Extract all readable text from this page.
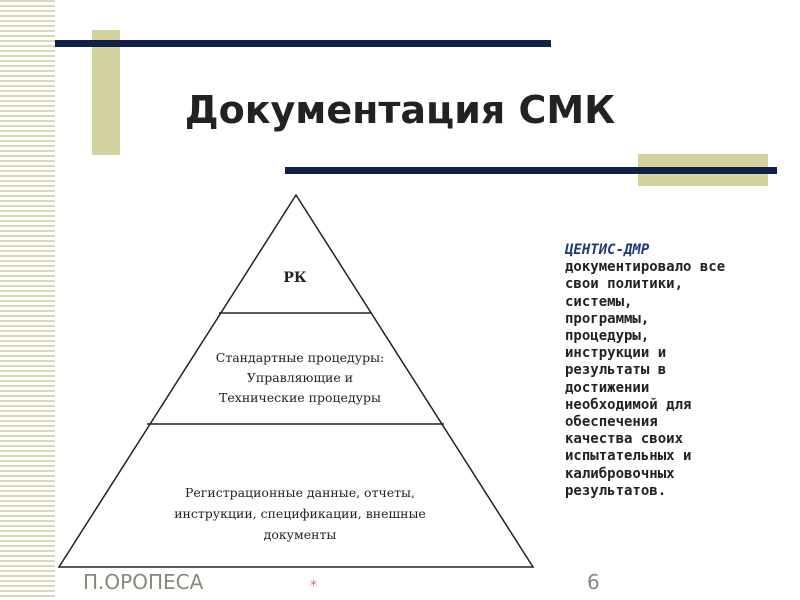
Документация СМК
РК
Стандартные процедуры:
Управляющие и
Технические процедуры
Регистрационные данные, отчеты,
инструкции, спецификации, внешные
документы
ЦЕНТИС-ДМР
документировало все
свои политики,
системы,
программы,
процедуры,
инструкции и
результаты в
достижении
необходимой для
обеспечения
качества своих
испытательных и
калибровочных
результатов.
П.ОРОПЕСА	*	6
